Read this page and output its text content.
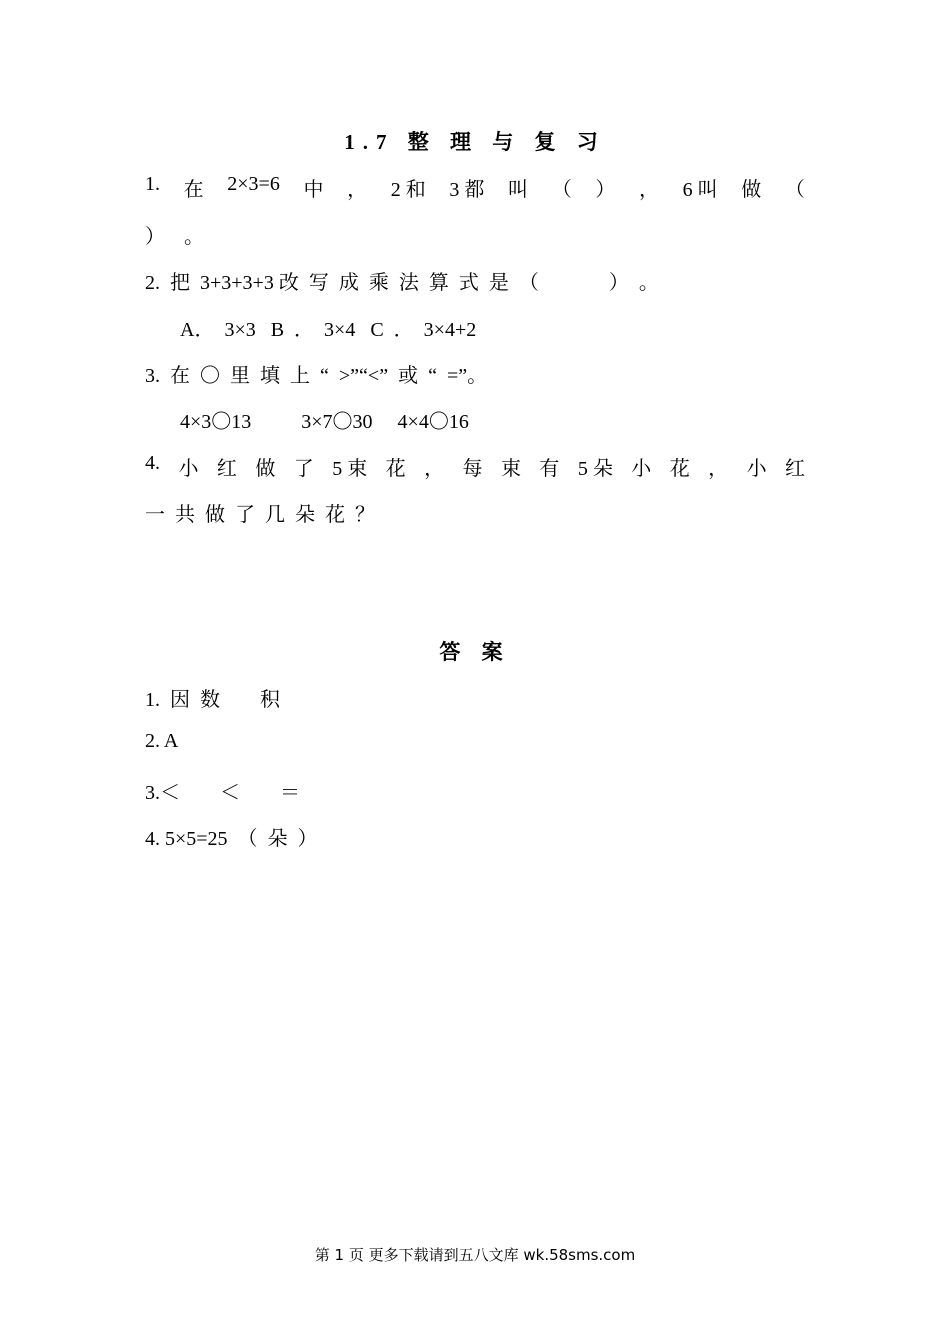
1.7 整 理 与 复 习
1. 在 2×3=6 中 ， 2 和 3 都 叫 （ ） ， 6 叫 做 （
）  。
2.  把  3+3+3+3 改  写  成  乘  法  算  式  是  （              ）  。
A．  3×3   B  ．  3×4   C  ．  3×4+2
3.  在  〇  里  填  上  “  >”“<”  或  “  =”。
4×3〇13          3×7〇30     4×4〇16
4. 小 红 做 了 5 束 花 ， 每 束 有 5 朵 小 花 ， 小 红
一  共  做  了  几  朵  花  ？
答 案
1.  因  数        积
2. A
3.＜        ＜        ＝
4. 5×5=25  （  朵  ）
第 1 页 更多下载请到五八文库 wk.58sms.com
